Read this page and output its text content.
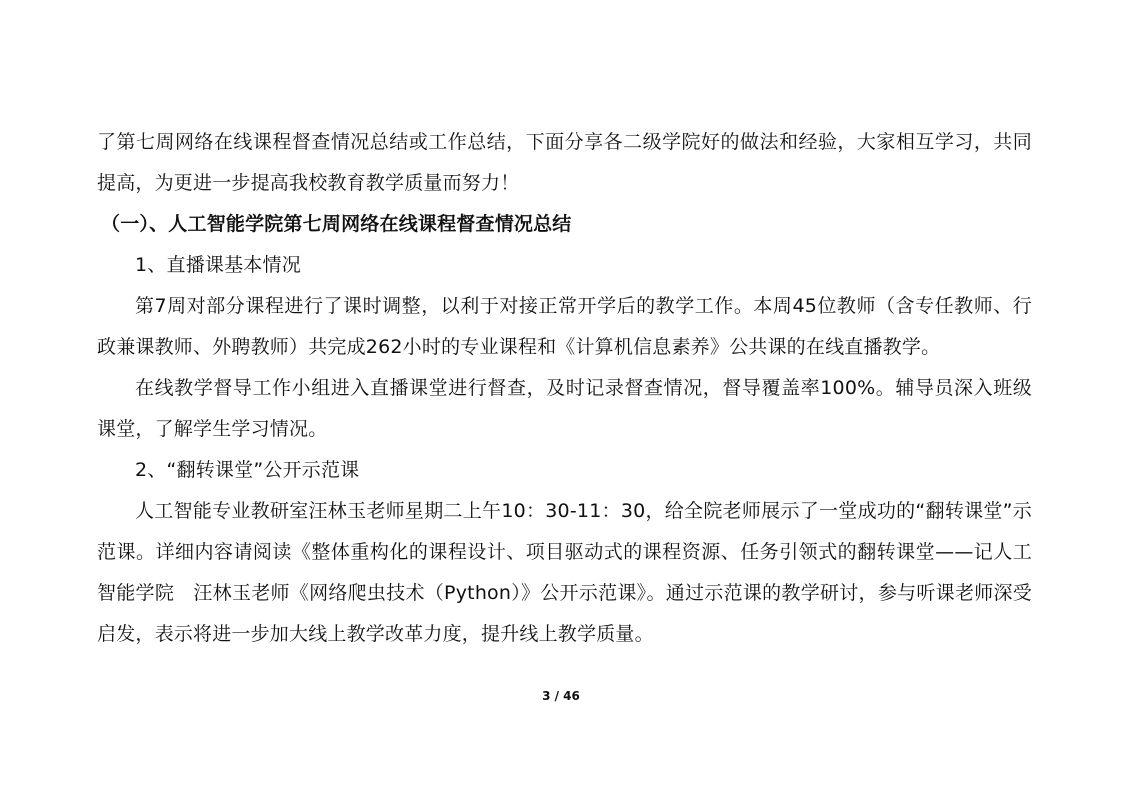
了第七周网络在线课程督查情况总结或工作总结，下面分享各二级学院好的做法和经验，大家相互学习，共同提高，为更进一步提高我校教育教学质量而努力！

（一）、人工智能学院第七周网络在线课程督查情况总结

1、直播课基本情况

第7周对部分课程进行了课时调整，以利于对接正常开学后的教学工作。本周45位教师（含专任教师、行政兼课教师、外聘教师）共完成262小时的专业课程和《计算机信息素养》公共课的在线直播教学。

在线教学督导工作小组进入直播课堂进行督查，及时记录督查情况，督导覆盖率100%。辅导员深入班级课堂，了解学生学习情况。

2、“翻转课堂”公开示范课

人工智能专业教研室汪林玉老师星期二上午10：30-11：30，给全院老师展示了一堂成功的“翻转课堂”示范课。详细内容请阅读《整体重构化的课程设计、项目驱动式的课程资源、任务引领式的翻转课堂——记人工智能学院　汪林玉老师《网络爬虫技术（Python）》公开示范课》。通过示范课的教学研讨，参与听课老师深受启发，表示将进一步加大线上教学改革力度，提升线上教学质量。

3 / 46
